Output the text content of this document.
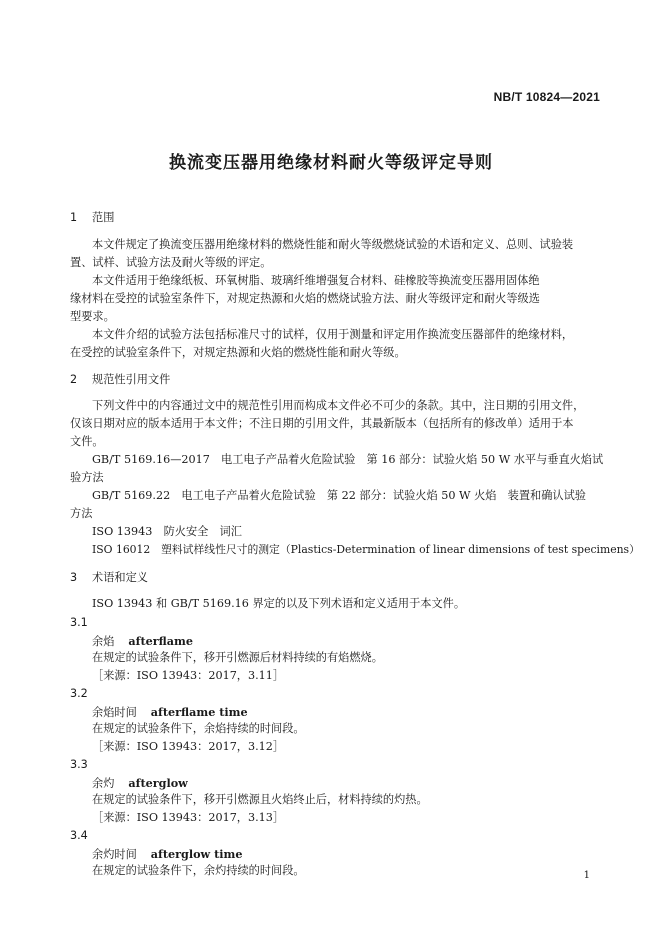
NB/T 10824—2021
换流变压器用绝缘材料耐火等级评定导则
1 范围
本文件规定了换流变压器用绝缘材料的燃烧性能和耐火等级燃烧试验的术语和定义、总则、试验装
置、试样、试验方法及耐火等级的评定。
本文件适用于绝缘纸板、环氧树脂、玻璃纤维增强复合材料、硅橡胶等换流变压器用固体绝
缘材料在受控的试验室条件下，对规定热源和火焰的燃烧试验方法、耐火等级评定和耐火等级选
型要求。
本文件介绍的试验方法包括标准尺寸的试样，仅用于测量和评定用作换流变压器部件的绝缘材料，
在受控的试验室条件下，对规定热源和火焰的燃烧性能和耐火等级。
2 规范性引用文件
下列文件中的内容通过文中的规范性引用而构成本文件必不可少的条款。其中，注日期的引用文件，
仅该日期对应的版本适用于本文件；不注日期的引用文件，其最新版本（包括所有的修改单）适用于本
文件。
GB/T 5169.16—2017　电工电子产品着火危险试验　第 16 部分：试验火焰 50 W 水平与垂直火焰试
验方法
GB/T 5169.22　电工电子产品着火危险试验　第 22 部分：试验火焰 50 W 火焰　装置和确认试验
方法
ISO 13943　防火安全　词汇
ISO 16012　塑料试样线性尺寸的测定（Plastics-Determination of linear dimensions of test specimens）
3 术语和定义
ISO 13943 和 GB/T 5169.16 界定的以及下列术语和定义适用于本文件。
3.1
余焰 afterflame
在规定的试验条件下，移开引燃源后材料持续的有焰燃烧。
［来源：ISO 13943：2017，3.11］
3.2
余焰时间 afterflame time
在规定的试验条件下，余焰持续的时间段。
［来源：ISO 13943：2017，3.12］
3.3
余灼 afterglow
在规定的试验条件下，移开引燃源且火焰终止后，材料持续的灼热。
［来源：ISO 13943：2017，3.13］
3.4
余灼时间 afterglow time
在规定的试验条件下，余灼持续的时间段。	1
